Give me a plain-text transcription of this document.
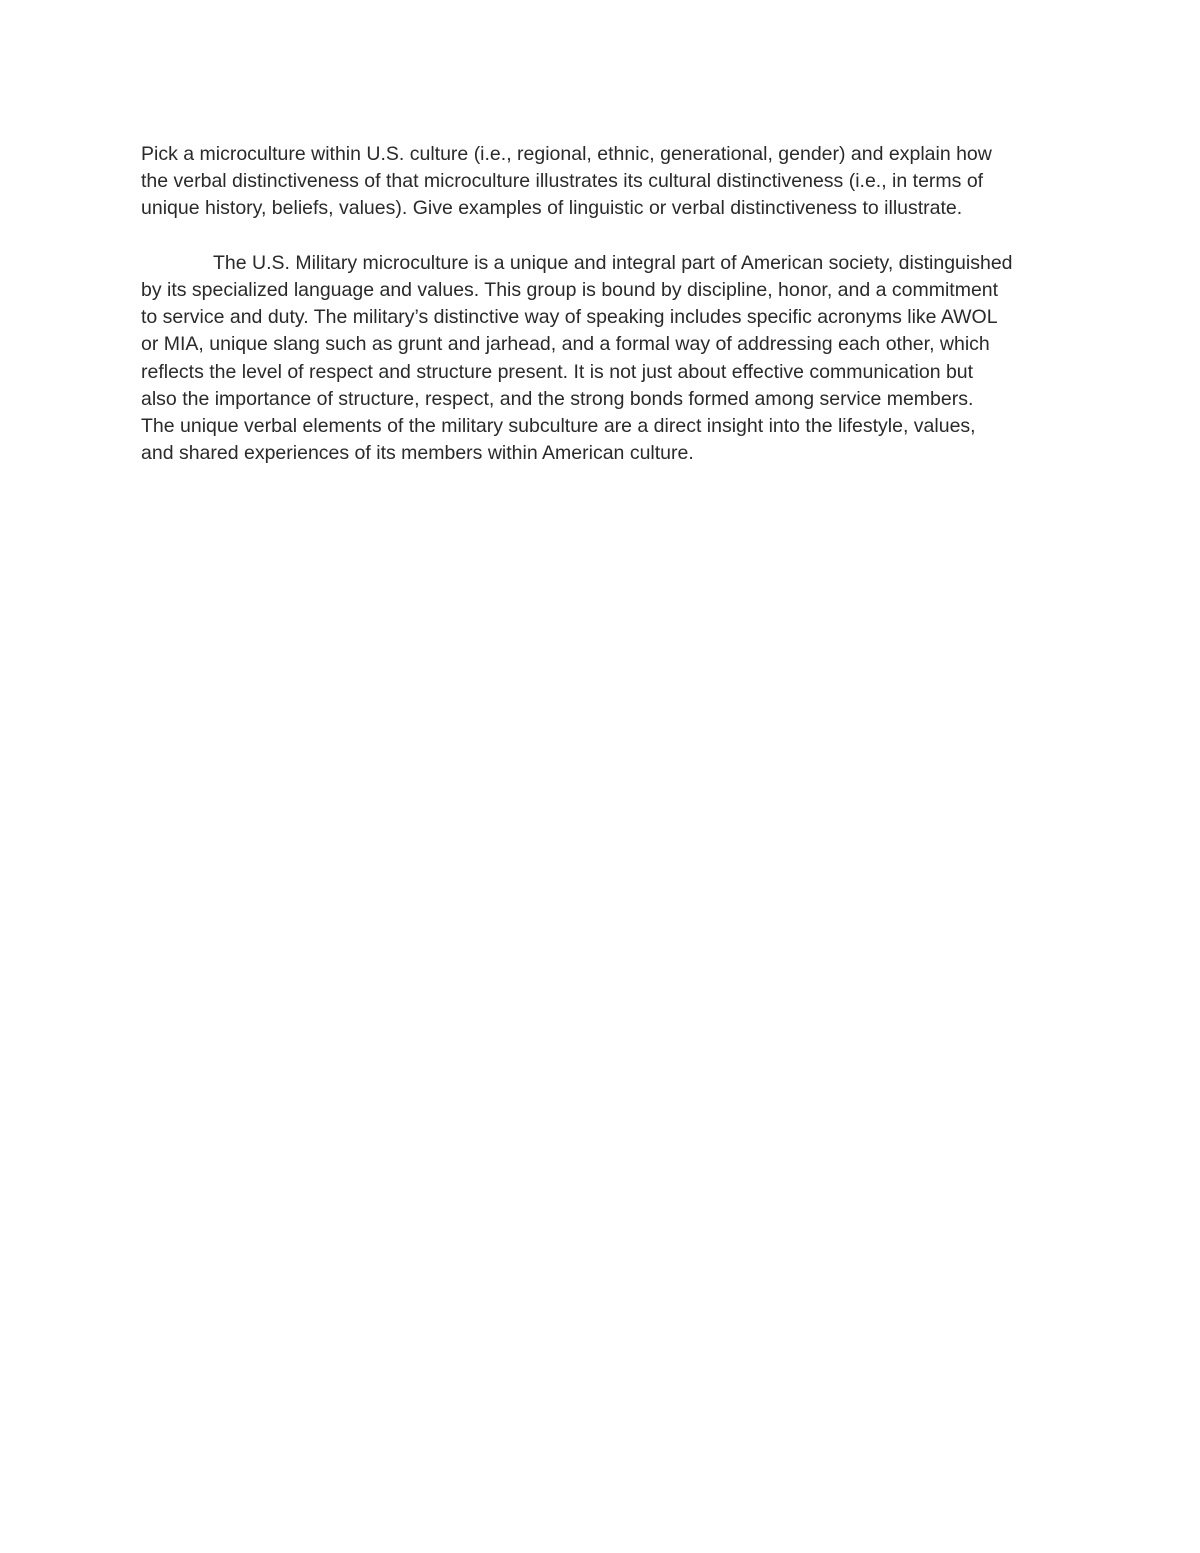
Pick a microculture within U.S. culture (i.e., regional, ethnic, generational, gender) and explain how
the verbal distinctiveness of that microculture illustrates its cultural distinctiveness (i.e., in terms of
unique history, beliefs, values). Give examples of linguistic or verbal distinctiveness to illustrate.

The U.S. Military microculture is a unique and integral part of American society, distinguished
by its specialized language and values. This group is bound by discipline, honor, and a commitment
to service and duty. The military’s distinctive way of speaking includes specific acronyms like AWOL
or MIA, unique slang such as grunt and jarhead, and a formal way of addressing each other, which
reflects the level of respect and structure present. It is not just about effective communication but
also the importance of structure, respect, and the strong bonds formed among service members.
The unique verbal elements of the military subculture are a direct insight into the lifestyle, values,
and shared experiences of its members within American culture.
